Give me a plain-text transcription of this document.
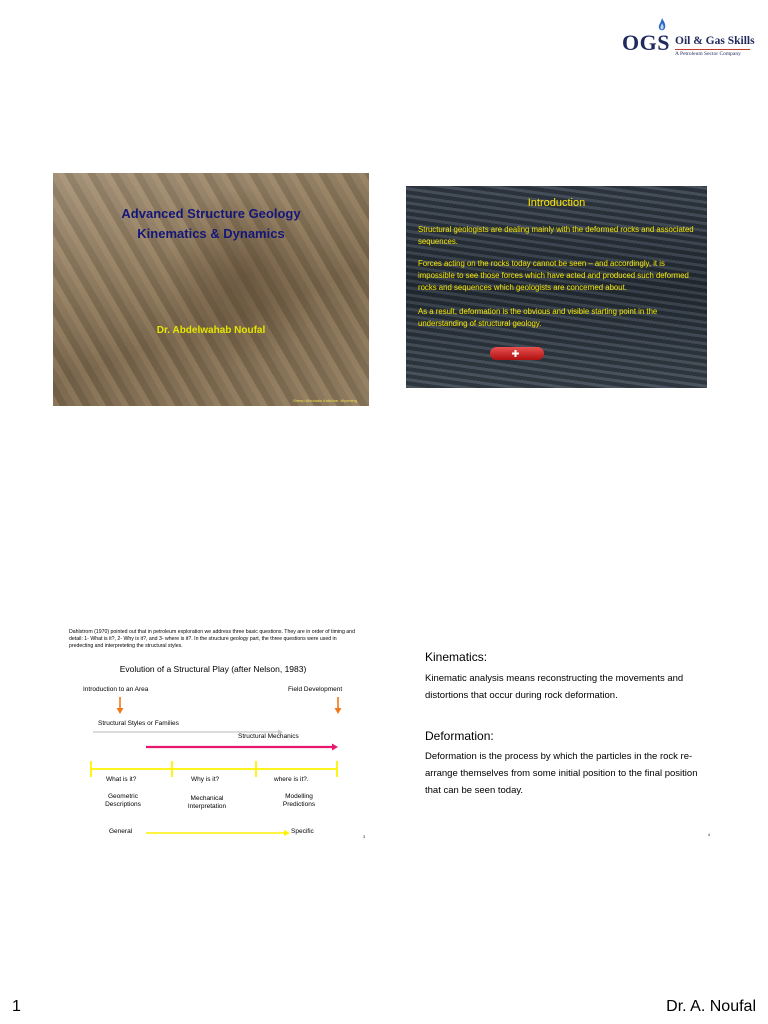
OGS Oil & Gas Skills
A Petroleum Sector Company
Advanced Structure Geology
Kinematics & Dynamics
Dr. Abdelwahab Noufal
Sheep Mountain Anticline, Wyoming
Introduction
Structural geologists are dealing mainly with the deformed rocks and associated sequences.
Forces acting on the rocks today cannot be seen – and accordingly, it is impossible to see those forces which have acted and produced such deformed rocks and sequences which geologists are concerned about.
As a result, deformation is the obvious and visible starting point in the understanding of structural geology.
Dahlstrom (1970) pointed out that in petroleum exploration we address three basic questions. They are in order of timing and detail: 1- What is it?, 2- Why is it?, and 3- where is it?. In the structure geology part, the three questions were used in predecting and interpreteting the structural styles.
Evolution of a Structural Play (after Nelson, 1983)
Introduction to an Area	Field Development
Structural Styles or Families
Structural Mechanics
What is it?	Why is it?	where is it?.
Geometric Descriptions
Mechanical Interpretation
Modelling Predictions
General	Specific
3
Kinematics:
Kinematic analysis means reconstructing the movements and distortions that occur during rock deformation.
Deformation:
Deformation is the process by which the particles in the rock re-arrange themselves from some initial position to the final position that can be seen today.
4
1	Dr. A. Noufal
